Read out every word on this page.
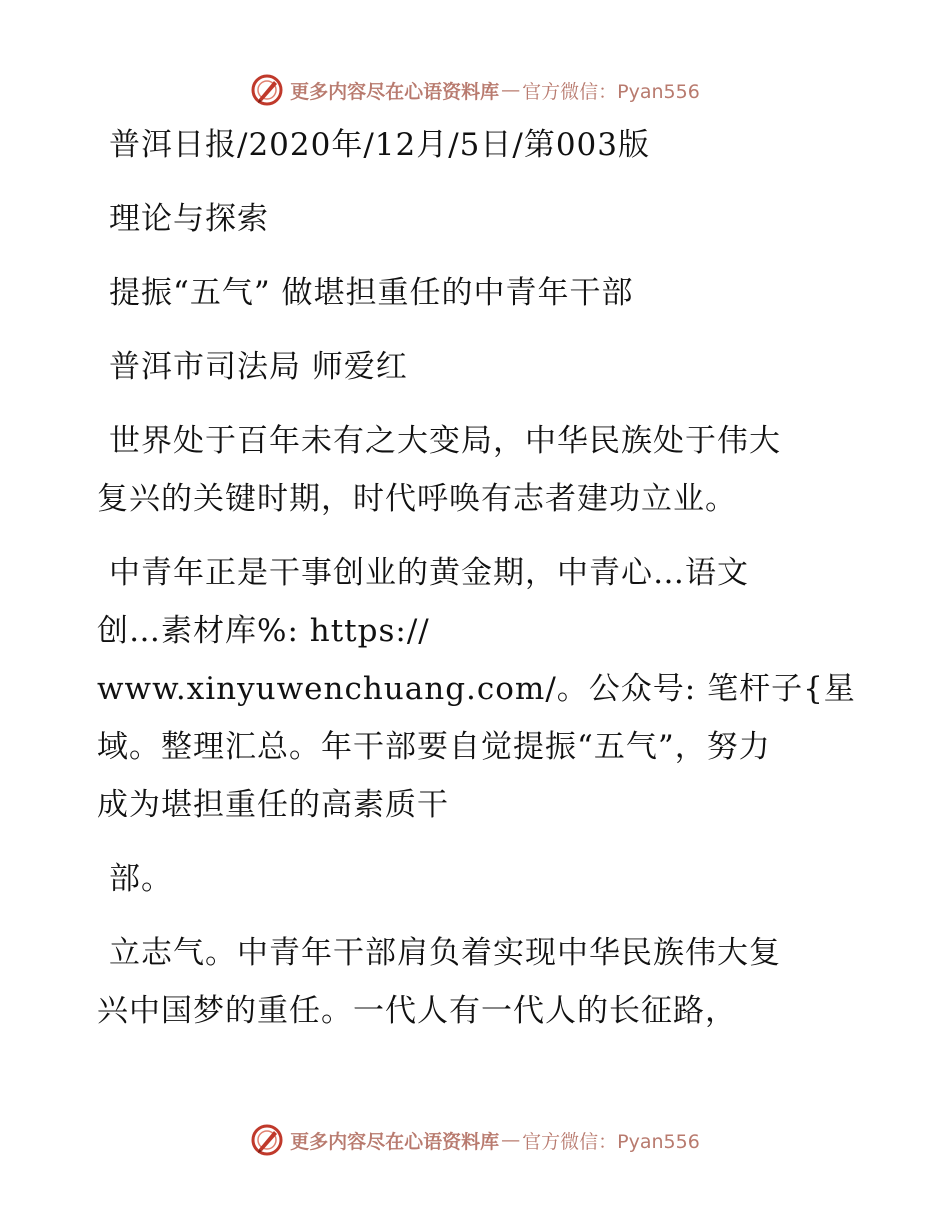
更多内容尽在心语资料库 — 官方微信：Pyan556
普洱日报/2020年/12月/5日/第003版
理论与探索
提振“五气” 做堪担重任的中青年干部
普洱市司法局 师爱红
世界处于百年未有之大变局，中华民族处于伟大
复兴的关键时期，时代呼唤有志者建功立业。
中青年正是干事创业的黄金期，中青心…语文
创…素材库%: https://
www.xinyuwenchuang.com/。公众号: 笔杆子{星
域。整理汇总。年干部要自觉提振“五气”，努力
成为堪担重任的高素质干
部。
立志气。中青年干部肩负着实现中华民族伟大复
兴中国梦的重任。一代人有一代人的长征路，
更多内容尽在心语资料库 — 官方微信：Pyan556
